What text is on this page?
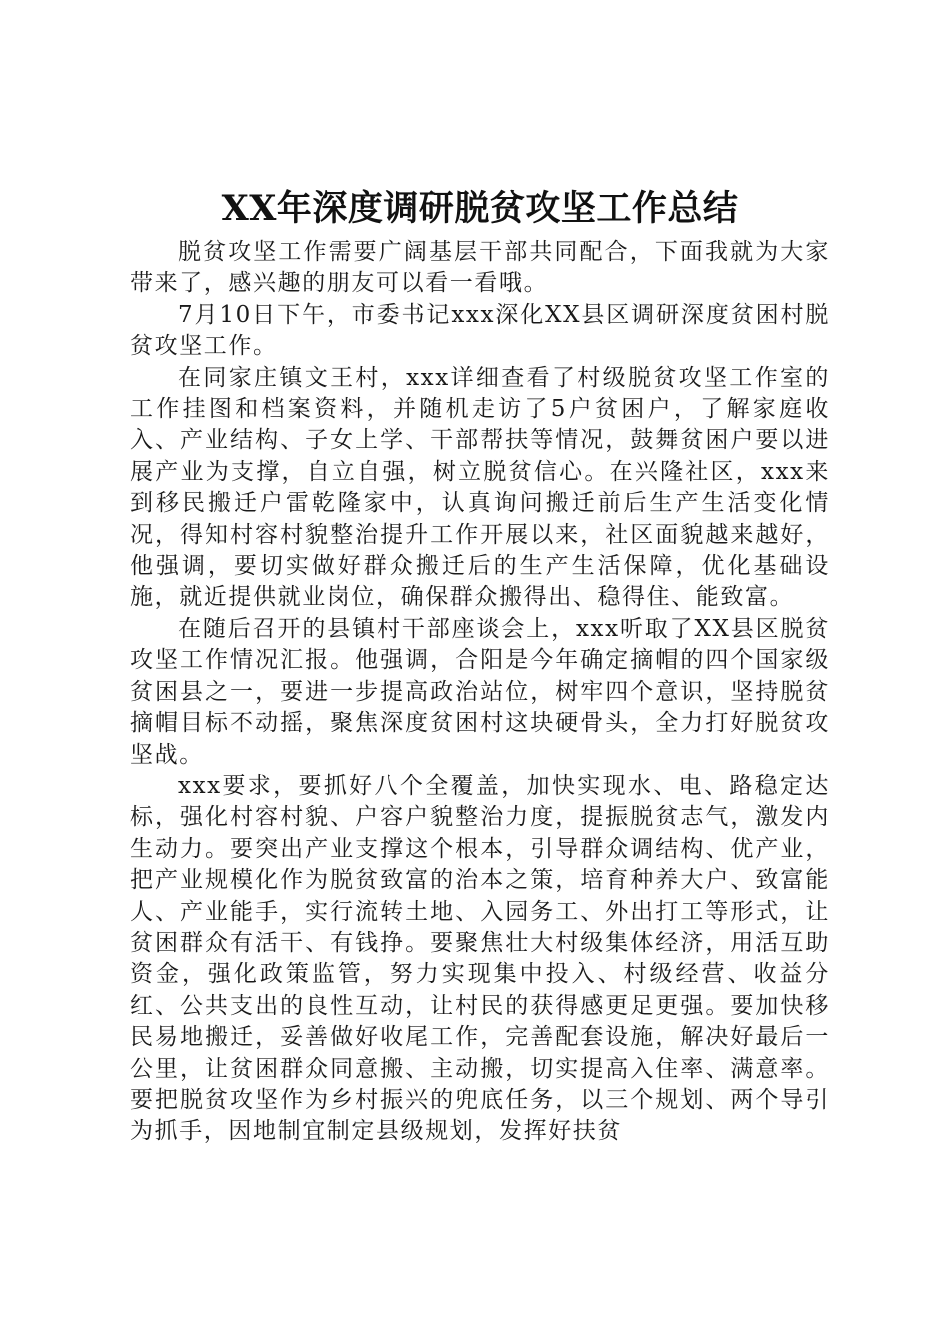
XX年深度调研脱贫攻坚工作总结

脱贫攻坚工作需要广阔基层干部共同配合，下面我就为大家带来了，感兴趣的朋友可以看一看哦。

7月10日下午，市委书记xxx深化XX县区调研深度贫困村脱贫攻坚工作。

在同家庄镇文王村，xxx详细查看了村级脱贫攻坚工作室的工作挂图和档案资料，并随机走访了5户贫困户，了解家庭收入、产业结构、子女上学、干部帮扶等情况，鼓舞贫困户要以进展产业为支撑，自立自强，树立脱贫信心。在兴隆社区，xxx来到移民搬迁户雷乾隆家中，认真询问搬迁前后生产生活变化情况，得知村容村貌整治提升工作开展以来，社区面貌越来越好，他强调，要切实做好群众搬迁后的生产生活保障，优化基础设施，就近提供就业岗位，确保群众搬得出、稳得住、能致富。

在随后召开的县镇村干部座谈会上，xxx听取了XX县区脱贫攻坚工作情况汇报。他强调，合阳是今年确定摘帽的四个国家级贫困县之一，要进一步提高政治站位，树牢四个意识，坚持脱贫摘帽目标不动摇，聚焦深度贫困村这块硬骨头，全力打好脱贫攻坚战。

xxx要求，要抓好八个全覆盖，加快实现水、电、路稳定达标，强化村容村貌、户容户貌整治力度，提振脱贫志气，激发内生动力。要突出产业支撑这个根本，引导群众调结构、优产业，把产业规模化作为脱贫致富的治本之策，培育种养大户、致富能人、产业能手，实行流转土地、入园务工、外出打工等形式，让贫困群众有活干、有钱挣。要聚焦壮大村级集体经济，用活互助资金，强化政策监管，努力实现集中投入、村级经营、收益分红、公共支出的良性互动，让村民的获得感更足更强。要加快移民易地搬迁，妥善做好收尾工作，完善配套设施，解决好最后一公里，让贫困群众同意搬、主动搬，切实提高入住率、满意率。要把脱贫攻坚作为乡村振兴的兜底任务，以三个规划、两个导引为抓手，因地制宜制定县级规划，发挥好扶贫
